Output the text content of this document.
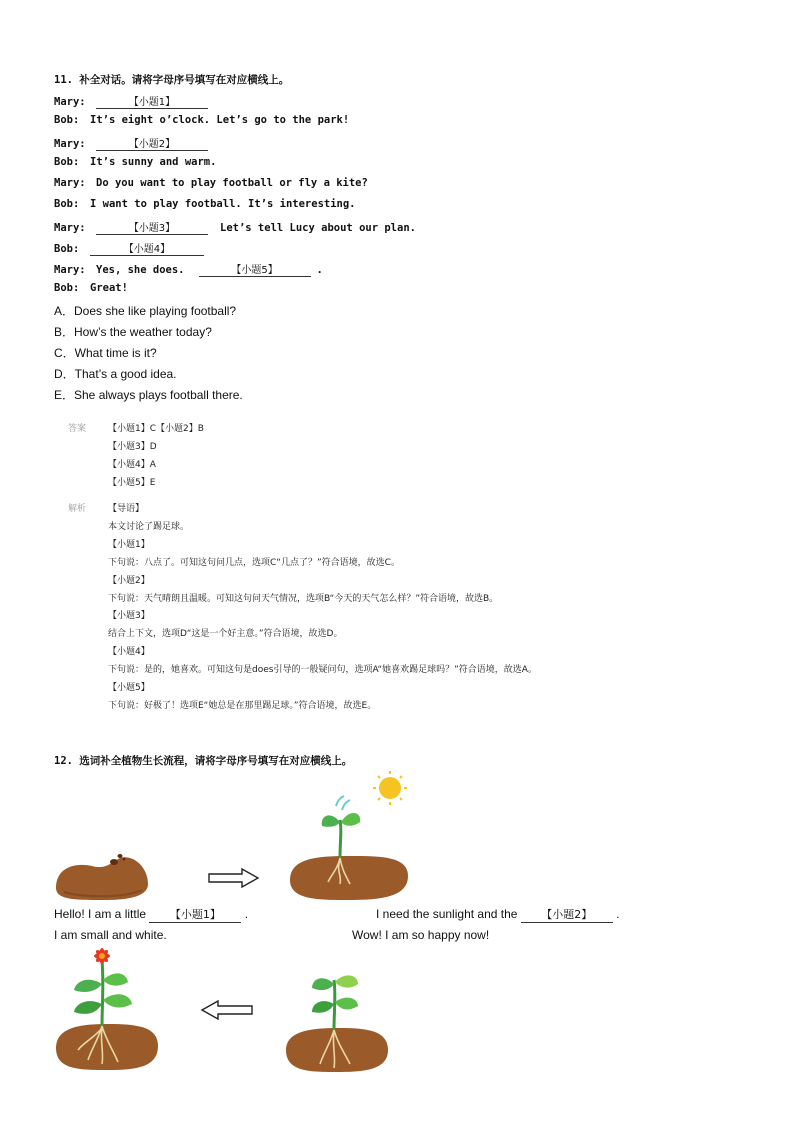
11. 补全对话。请将字母序号填写在对应横线上。
Mary:	【小题1】
Bob: It’s eight o’clock. Let’s go to the park!
Mary:	【小题2】
Bob: It’s sunny and warm.
Mary: Do you want to play football or fly a kite?
Bob: I want to play football. It’s interesting.
Mary:	【小题3】	Let’s tell Lucy about our plan.
Bob:	【小题4】
Mary: Yes, she does.	【小题5】	.
Bob: Great!
A．Does she like playing football?
B．How’s the weather today?
C．What time is it?
D．That’s a good idea.
E．She always plays football there.
答案 【小题1】C【小题2】B
【小题3】D
【小题4】A
【小题5】E
解析 【导语】
本文讨论了踢足球。
【小题1】
下句说：八点了。可知这句问几点，选项C“几点了？”符合语境，故选C。
【小题2】
下句说：天气晴朗且温暖。可知这句问天气情况，选项B“今天的天气怎么样？”符合语境，故选B。
【小题3】
结合上下文，选项D“这是一个好主意。”符合语境，故选D。
【小题4】
下句说：是的，她喜欢。可知这句是does引导的一般疑问句，选项A“她喜欢踢足球吗？”符合语境，故选A。
【小题5】
下句说：好极了！选项E“她总是在那里踢足球。”符合语境，故选E。
12. 选词补全植物生长流程，请将字母序号填写在对应横线上。
Hello! I am a little 【小题1】 .
I am small and white.
I need the sunlight and the 【小题2】 .
Wow! I am so happy now!
